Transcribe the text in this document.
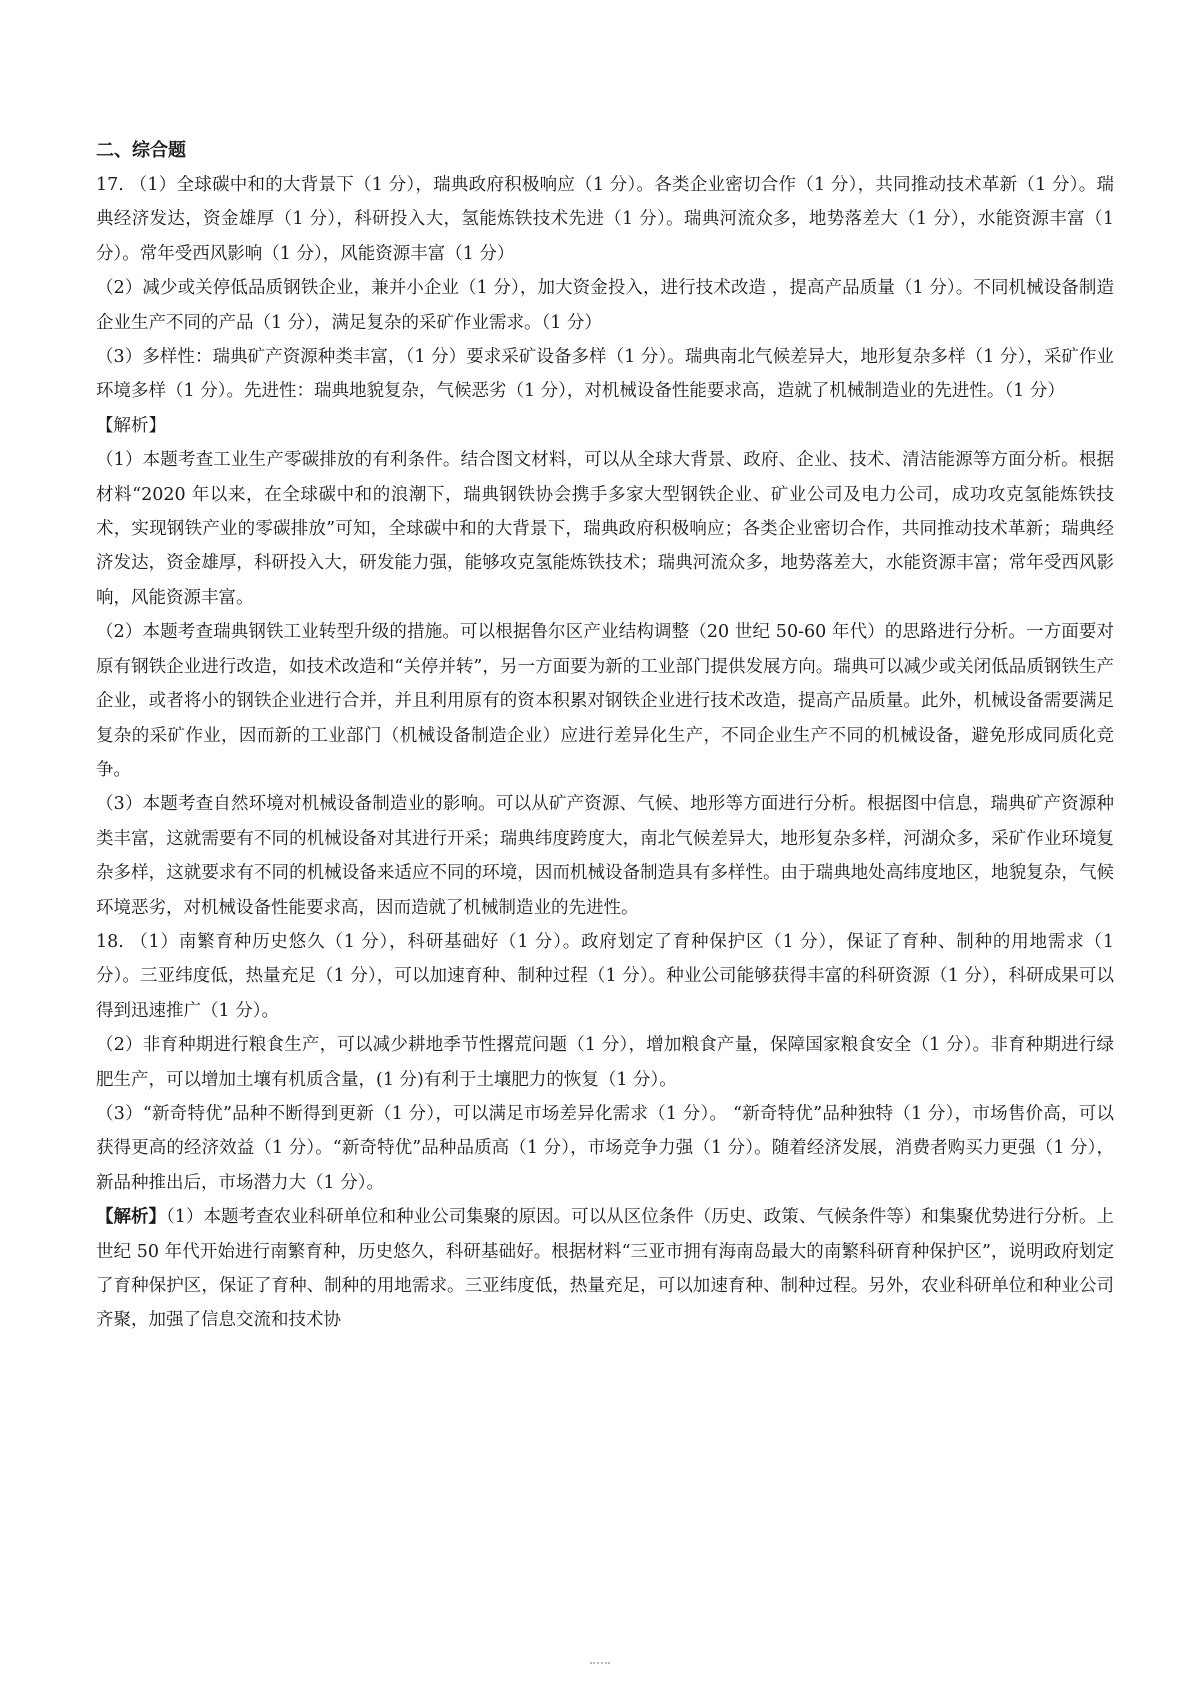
二、综合题

17. （1）全球碳中和的大背景下（1 分），瑞典政府积极响应（1 分）。各类企业密切合作（1 分），共同推动技术革新（1 分）。瑞典经济发达，资金雄厚（1 分），科研投入大，氢能炼铁技术先进（1 分）。瑞典河流众多，地势落差大（1 分），水能资源丰富（1 分）。常年受西风影响（1 分），风能资源丰富（1 分）

（2）减少或关停低品质钢铁企业，兼并小企业（1 分），加大资金投入，进行技术改造 ，提高产品质量（1 分）。不同机械设备制造企业生产不同的产品（1 分），满足复杂的采矿作业需求。（1 分）

（3）多样性：瑞典矿产资源种类丰富，（1 分）要求采矿设备多样（1 分）。瑞典南北气候差异大，地形复杂多样（1 分），采矿作业环境多样（1 分）。先进性：瑞典地貌复杂，气候恶劣（1 分），对机械设备性能要求高，造就了机械制造业的先进性。（1 分）

【解析】

（1）本题考查工业生产零碳排放的有利条件。结合图文材料，可以从全球大背景、政府、企业、技术、清洁能源等方面分析。根据材料“2020 年以来，在全球碳中和的浪潮下，瑞典钢铁协会携手多家大型钢铁企业、矿业公司及电力公司，成功攻克氢能炼铁技术，实现钢铁产业的零碳排放”可知，全球碳中和的大背景下，瑞典政府积极响应；各类企业密切合作，共同推动技术革新；瑞典经济发达，资金雄厚，科研投入大，研发能力强，能够攻克氢能炼铁技术；瑞典河流众多，地势落差大，水能资源丰富；常年受西风影响，风能资源丰富。

（2）本题考查瑞典钢铁工业转型升级的措施。可以根据鲁尔区产业结构调整（20 世纪 50-60 年代）的思路进行分析。一方面要对原有钢铁企业进行改造，如技术改造和“关停并转”，另一方面要为新的工业部门提供发展方向。瑞典可以减少或关闭低品质钢铁生产企业，或者将小的钢铁企业进行合并，并且利用原有的资本积累对钢铁企业进行技术改造，提高产品质量。此外，机械设备需要满足复杂的采矿作业，因而新的工业部门（机械设备制造企业）应进行差异化生产，不同企业生产不同的机械设备，避免形成同质化竞争。

（3）本题考查自然环境对机械设备制造业的影响。可以从矿产资源、气候、地形等方面进行分析。根据图中信息，瑞典矿产资源种类丰富，这就需要有不同的机械设备对其进行开采；瑞典纬度跨度大，南北气候差异大，地形复杂多样，河湖众多，采矿作业环境复杂多样，这就要求有不同的机械设备来适应不同的环境，因而机械设备制造具有多样性。由于瑞典地处高纬度地区，地貌复杂，气候环境恶劣，对机械设备性能要求高，因而造就了机械制造业的先进性。

18. （1）南繁育种历史悠久（1 分），科研基础好（1 分）。政府划定了育种保护区（1 分），保证了育种、制种的用地需求（1 分）。三亚纬度低，热量充足（1 分），可以加速育种、制种过程（1 分）。种业公司能够获得丰富的科研资源（1 分），科研成果可以得到迅速推广（1 分）。

（2）非育种期进行粮食生产，可以减少耕地季节性撂荒问题（1 分），增加粮食产量，保障国家粮食安全（1 分）。非育种期进行绿肥生产，可以增加土壤有机质含量，(1 分)有利于土壤肥力的恢复（1 分）。

（3）“新奇特优”品种不断得到更新（1 分），可以满足市场差异化需求（1 分）。 “新奇特优”品种独特（1 分），市场售价高，可以获得更高的经济效益（1 分）。“新奇特优”品种品质高（1 分），市场竞争力强（1 分）。随着经济发展，消费者购买力更强（1 分），新品种推出后，市场潜力大（1 分）。

【解析】（1）本题考查农业科研单位和种业公司集聚的原因。可以从区位条件（历史、政策、气候条件等）和集聚优势进行分析。上世纪 50 年代开始进行南繁育种，历史悠久，科研基础好。根据材料“三亚市拥有海南岛最大的南繁科研育种保护区”，说明政府划定了育种保护区，保证了育种、制种的用地需求。三亚纬度低，热量充足，可以加速育种、制种过程。另外，农业科研单位和种业公司齐聚，加强了信息交流和技术协
